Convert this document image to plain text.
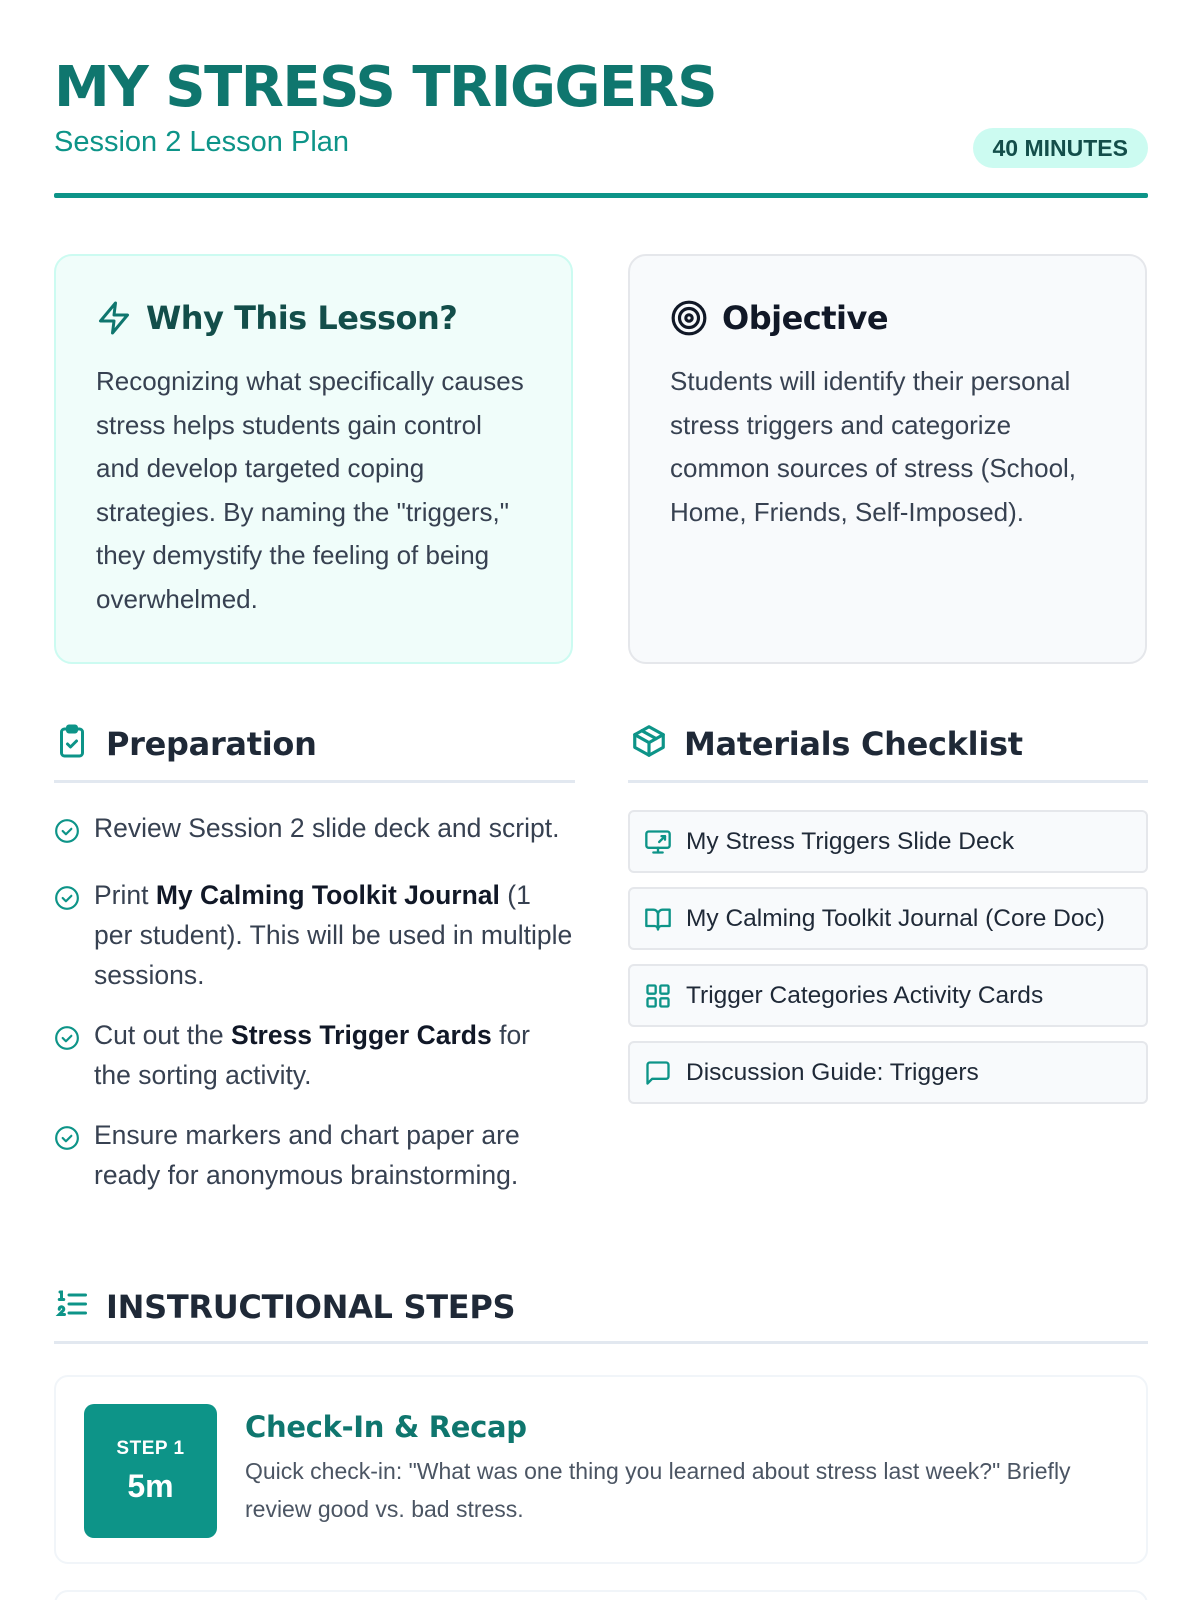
MY STRESS TRIGGERS
Session 2 Lesson Plan	40 MINUTES
Why This Lesson?

Recognizing what specifically causes stress helps students gain control and develop targeted coping strategies. By naming the "triggers," they demystify the feeling of being overwhelmed.

Objective

Students will identify their personal stress triggers and categorize common sources of stress (School, Home, Friends, Self-Imposed).

Preparation
Review Session 2 slide deck and script.
Print My Calming Toolkit Journal (1 per student). This will be used in multiple sessions.
Cut out the Stress Trigger Cards for the sorting activity.
Ensure markers and chart paper are ready for anonymous brainstorming.
Materials Checklist
My Stress Triggers Slide Deck
My Calming Toolkit Journal (Core Doc)
Trigger Categories Activity Cards
Discussion Guide: Triggers
INSTRUCTIONAL STEPS
STEP 1
5m
Check-In & Recap
Quick check-in: "What was one thing you learned about stress last week?" Briefly review good vs. bad stress.
